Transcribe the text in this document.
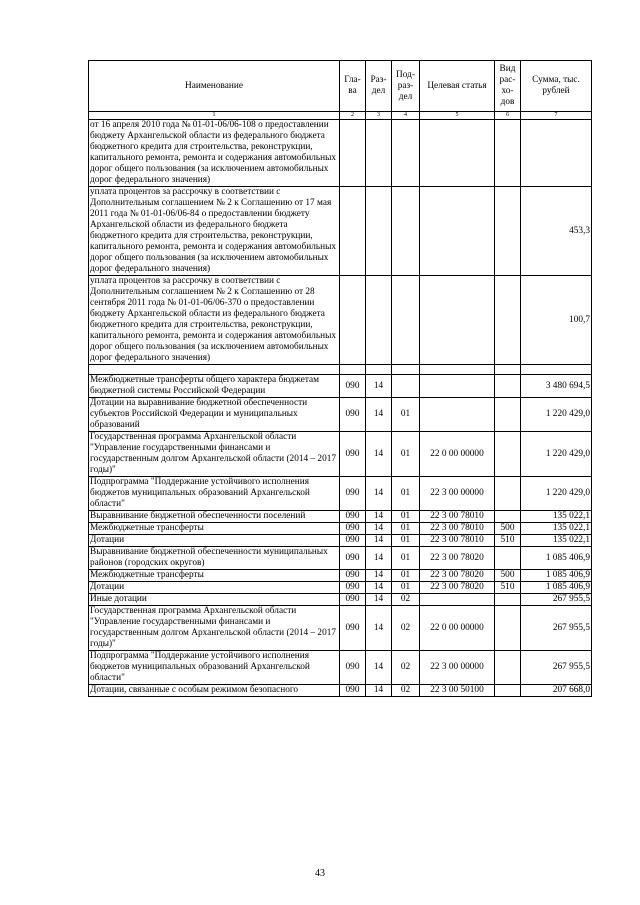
Наименование	Гла-ва	Раз-дел	Под-раз-дел	Целевая статья	Вид рас-хо-дов	Сумма, тыс. рублей
1	2	3	4	5	6	7
от 16 апреля 2010 года № 01-01-06/06-108 о предоставлении бюджету Архангельской области из федерального бюджета бюджетного кредита для строительства, реконструкции, капитального ремонта, ремонта и содержания автомобильных дорог общего пользования (за исключением автомобильных дорог федерального значения)						
уплата процентов за рассрочку в соответствии с Дополнительным соглашением № 2 к Соглашению от 17 мая 2011 года № 01-01-06/06-84 о предоставлении бюджету Архангельской области из федерального бюджета бюджетного кредита для строительства, реконструкции, капитального ремонта, ремонта и содержания автомобильных дорог общего пользования (за исключением автомобильных дорог федерального значения)						453,3
уплата процентов за рассрочку в соответствии с Дополнительным соглашением № 2 к Соглашению от 28 сентября 2011 года № 01-01-06/06-370 о предоставлении бюджету Архангельской области из федерального бюджета бюджетного кредита для строительства, реконструкции, капитального ремонта, ремонта и содержания автомобильных дорог общего пользования (за исключением автомобильных дорог федерального значения)						100,7

Межбюджетные трансферты общего характера бюджетам бюджетной системы Российской Федерации	090	14				3 480 694,5
Дотации на выравнивание бюджетной обеспеченности субъектов Российской Федерации и муниципальных образований	090	14	01			1 220 429,0
Государственная программа Архангельской области "Управление государственными финансами и государственным долгом Архангельской области (2014 – 2017 годы)"	090	14	01	22 0 00 00000		1 220 429,0
Подпрограмма "Поддержание устойчивого исполнения бюджетов муниципальных образований Архангельской области"	090	14	01	22 3 00 00000		1 220 429,0
Выравнивание бюджетной обеспеченности поселений	090	14	01	22 3 00 78010		135 022,1
Межбюджетные трансферты	090	14	01	22 3 00 78010	500	135 022,1
Дотации	090	14	01	22 3 00 78010	510	135 022,1
Выравнивание бюджетной обеспеченности муниципальных районов (городских округов)	090	14	01	22 3 00 78020		1 085 406,9
Межбюджетные трансферты	090	14	01	22 3 00 78020	500	1 085 406,9
Дотации	090	14	01	22 3 00 78020	510	1 085 406,9
Иные дотации	090	14	02			267 955,5
Государственная программа Архангельской области "Управление государственными финансами и государственным долгом Архангельской области (2014 – 2017 годы)"	090	14	02	22 0 00 00000		267 955,5
Подпрограмма "Поддержание устойчивого исполнения бюджетов муниципальных образований Архангельской области"	090	14	02	22 3 00 00000		267 955,5
Дотации, связанные с особым режимом безопасного	090	14	02	22 3 00 50100		207 668,0
43
